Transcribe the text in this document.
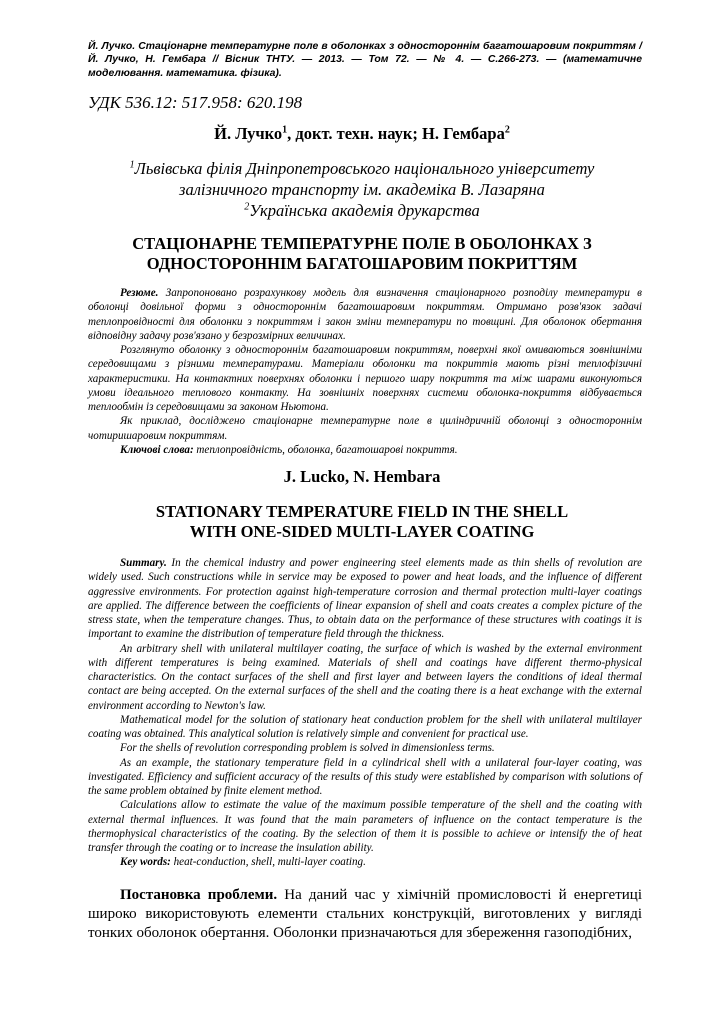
Й. Лучко. Стаціонарне температурне поле в оболонках з одностороннім багатошаровим покриттям / Й. Лучко, Н. Гембара // Вісник ТНТУ. — 2013. — Том 72. — № 4. — С.266-273. — (математичне моделювання. математика. фізика).

УДК 536.12: 517.958: 620.198

Й. Лучко$^1$, докт. техн. наук; Н. Гембара$^2$

$^1$Львівська філія Дніпропетровського національного університету
залізничного транспорту ім. академіка В. Лазаряна
$^2$Українська академія друкарства
СТАЦІОНАРНЕ ТЕМПЕРАТУРНЕ ПОЛЕ В ОБОЛОНКАХ З
ОДНОСТОРОННІМ БАГАТОШАРОВИМ ПОКРИТТЯМ

Резюме. Запропоновано розрахункову модель для визначення стаціонарного розподілу температури в оболонці довільної форми з одностороннім багатошаровим покриттям. Отримано розв'язок задачі теплопровідності для оболонки з покриттям і закон зміни температури по товщині. Для оболонок обертання відповідну задачу розв'язано у безрозмірних величинах.

Розглянуто оболонку з одностороннім багатошаровим покриттям, поверхні якої омиваються зовнішніми середовищами з різними температурами. Матеріали оболонки та покриттів мають різні теплофізичні характеристики. На контактних поверхнях оболонки і першого шару покриття та між шарами виконуються умови ідеального теплового контакту. На зовнішніх поверхнях системи оболонка-покриття відбувається теплообмін із середовищами за законом Ньютона.

Як приклад, досліджено стаціонарне температурне поле в циліндричній оболонці з одностороннім чотиришаровим покриттям.

Ключові слова: теплопровідність, оболонка, багатошарові покриття.

J. Lucko, N. Hembara

STATIONARY TEMPERATURE FIELD IN THE SHELL
WITH ONE-SIDED MULTI-LAYER COATING

Summary. In the chemical industry and power engineering steel elements made as thin shells of revolution are widely used. Such constructions while in service may be exposed to power and heat loads, and the influence of different aggressive environments. For protection against high-temperature corrosion and thermal protection multi-layer coatings are applied. The difference between the coefficients of linear expansion of shell and coats creates a complex picture of the stress state, when the temperature changes. Thus, to obtain data on the performance of these structures with coatings it is important to examine the distribution of temperature field through the thickness.

An arbitrary shell with unilateral multilayer coating, the surface of which is washed by the external environment with different temperatures is being examined. Materials of shell and coatings have different thermo-physical characteristics. On the contact surfaces of the shell and first layer and between layers the conditions of ideal thermal contact are being accepted. On the external surfaces of the shell and the coating there is a heat exchange with the external environment according to Newton's law.

Mathematical model for the solution of stationary heat conduction problem for the shell with unilateral multilayer coating was obtained. This analytical solution is relatively simple and convenient for practical use.

For the shells of revolution corresponding problem is solved in dimensionless terms.

As an example, the stationary temperature field in a cylindrical shell with a unilateral four-layer coating, was investigated. Efficiency and sufficient accuracy of the results of this study were established by comparison with solutions of the same problem obtained by finite element method.

Calculations allow to estimate the value of the maximum possible temperature of the shell and the coating with external thermal influences. It was found that the main parameters of influence on the contact temperature is the thermophysical characteristics of the coating. By the selection of them it is possible to achieve or intensify the of heat transfer through the coating or to increase the insulation ability.

Key words: heat-conduction, shell, multi-layer coating.

Постановка проблеми. На даний час у хімічній промисловості й енергетиці широко використовують елементи стальних конструкцій, виготовлених у вигляді тонких оболонок обертання. Оболонки призначаються для збереження газоподібних,
